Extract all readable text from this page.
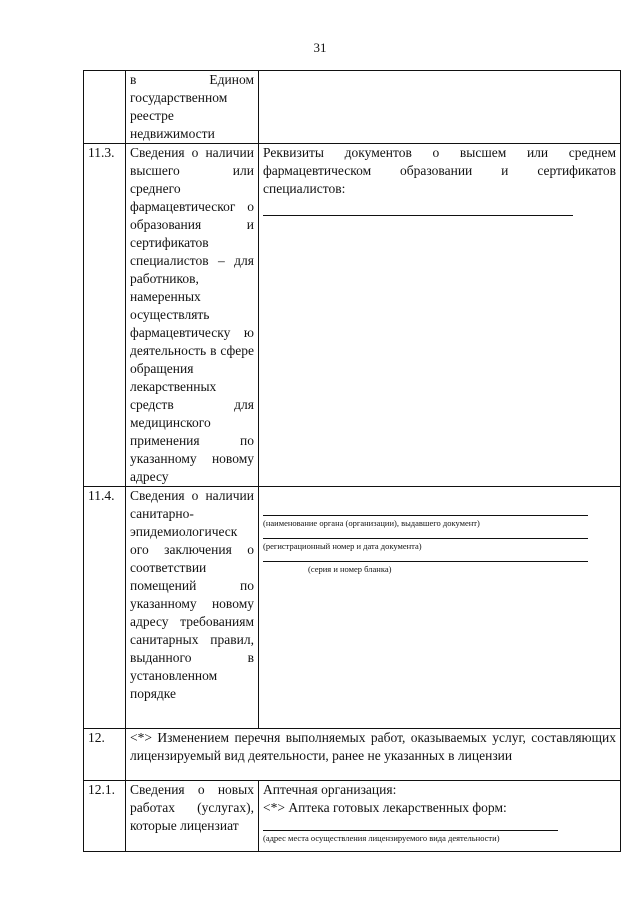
31
	в Едином государственном реестре недвижимости	
11.3.	Сведения о наличии высшего или среднего фармацевтическог о образования и сертификатов специалистов – для работников, намеренных осуществлять фармацевтическу ю деятельность в сфере обращения лекарственных средств для медицинского применения по указанному новому адресу	Реквизиты документов о высшем или среднем фармацевтическом образовании и сертификатов специалистов:

11.4.	Сведения о наличии санитарно-эпидемиологическ ого заключения о соответствии помещений по указанному новому адресу требованиям санитарных правил, выданного в установленном порядке	(наименование органа (организации), выдавшего документ)
(регистрационный номер и дата документа)
(серия и номер бланка)

12.	<*> Изменением перечня выполняемых работ, оказываемых услуг, составляющих лицензируемый вид деятельности, ранее не указанных в лицензии	
12.1.	Сведения о новых работах (услугах), которые лицензиат	Аптечная организация:
<*> Аптека готовых лекарственных форм:
(адрес места осуществления лицензируемого вида деятельности)
